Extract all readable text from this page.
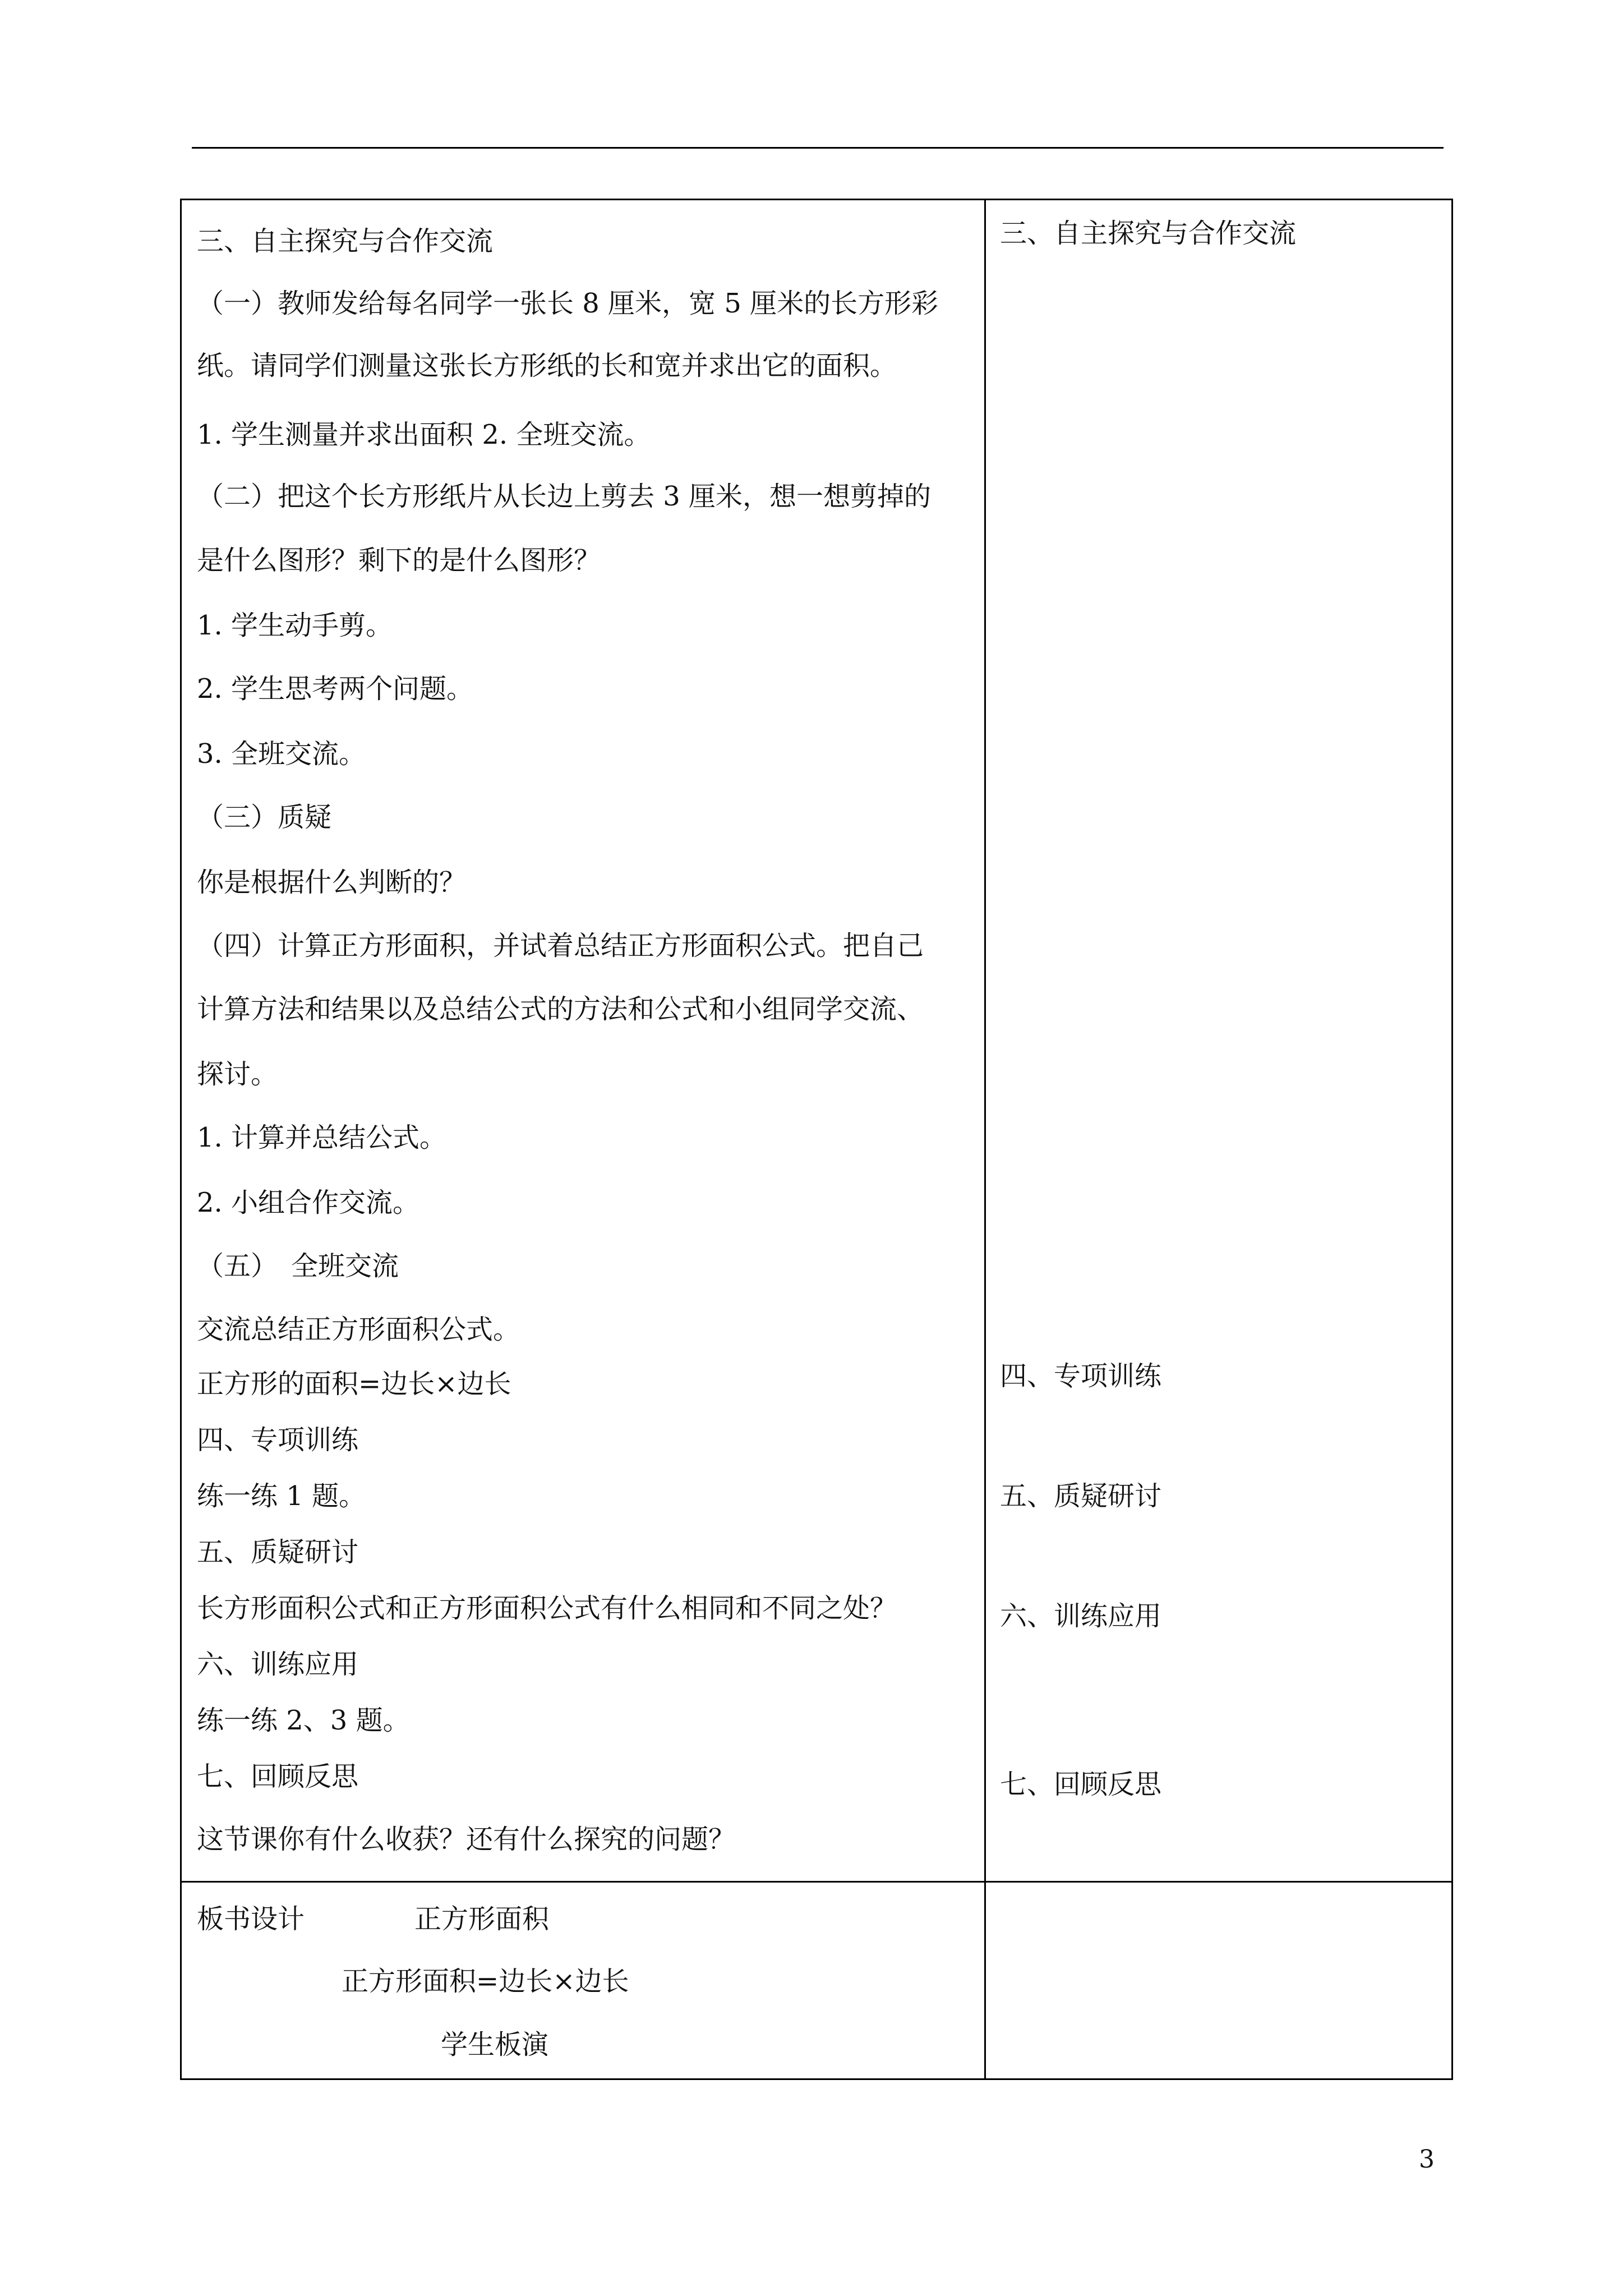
三、自主探究与合作交流
（一）教师发给每名同学一张长 8 厘米，宽 5 厘米的长方形彩
纸。请同学们测量这张长方形纸的长和宽并求出它的面积。
1. 学生测量并求出面积 2. 全班交流。
（二）把这个长方形纸片从长边上剪去 3 厘米，想一想剪掉的
是什么图形？剩下的是什么图形？
1. 学生动手剪。
2. 学生思考两个问题。
3. 全班交流。
（三）质疑
你是根据什么判断的？
（四）计算正方形面积，并试着总结正方形面积公式。把自己
计算方法和结果以及总结公式的方法和公式和小组同学交流、
探讨。
1. 计算并总结公式。
2. 小组合作交流。
（五）　全班交流
交流总结正方形面积公式。
正方形的面积=边长×边长
四、专项训练
练一练 1 题。
五、质疑研讨
长方形面积公式和正方形面积公式有什么相同和不同之处？
六、训练应用
练一练 2、3 题。
七、回顾反思
这节课你有什么收获？还有什么探究的问题？
三、自主探究与合作交流
四、专项训练
五、质疑研讨
六、训练应用
七、回顾反思
板书设计	正方形面积
正方形面积=边长×边长
学生板演
3
